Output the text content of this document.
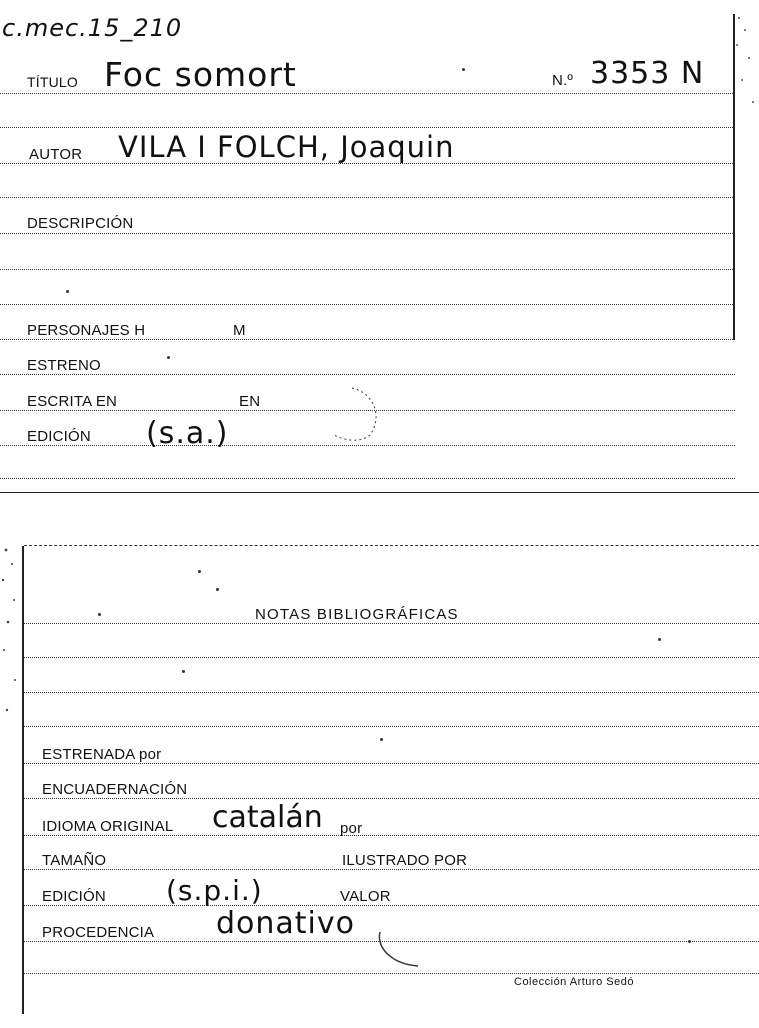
c.mec.15_210
TÍTULO Foc somort	N.º 3353 N
AUTOR VILA I FOLCH, Joaquin
DESCRIPCIÓN
PERSONAJES H	M
ESTRENO
ESCRITA EN	EN
EDICIÓN (s.a.)
NOTAS BIBLIOGRÁFICAS
ESTRENADA por
ENCUADERNACIÓN
IDIOMA ORIGINAL catalán por
TAMAÑO	ILUSTRADO POR
EDICIÓN (s.p.i.)	VALOR
PROCEDENCIA donativo
Colección Arturo Sedó
